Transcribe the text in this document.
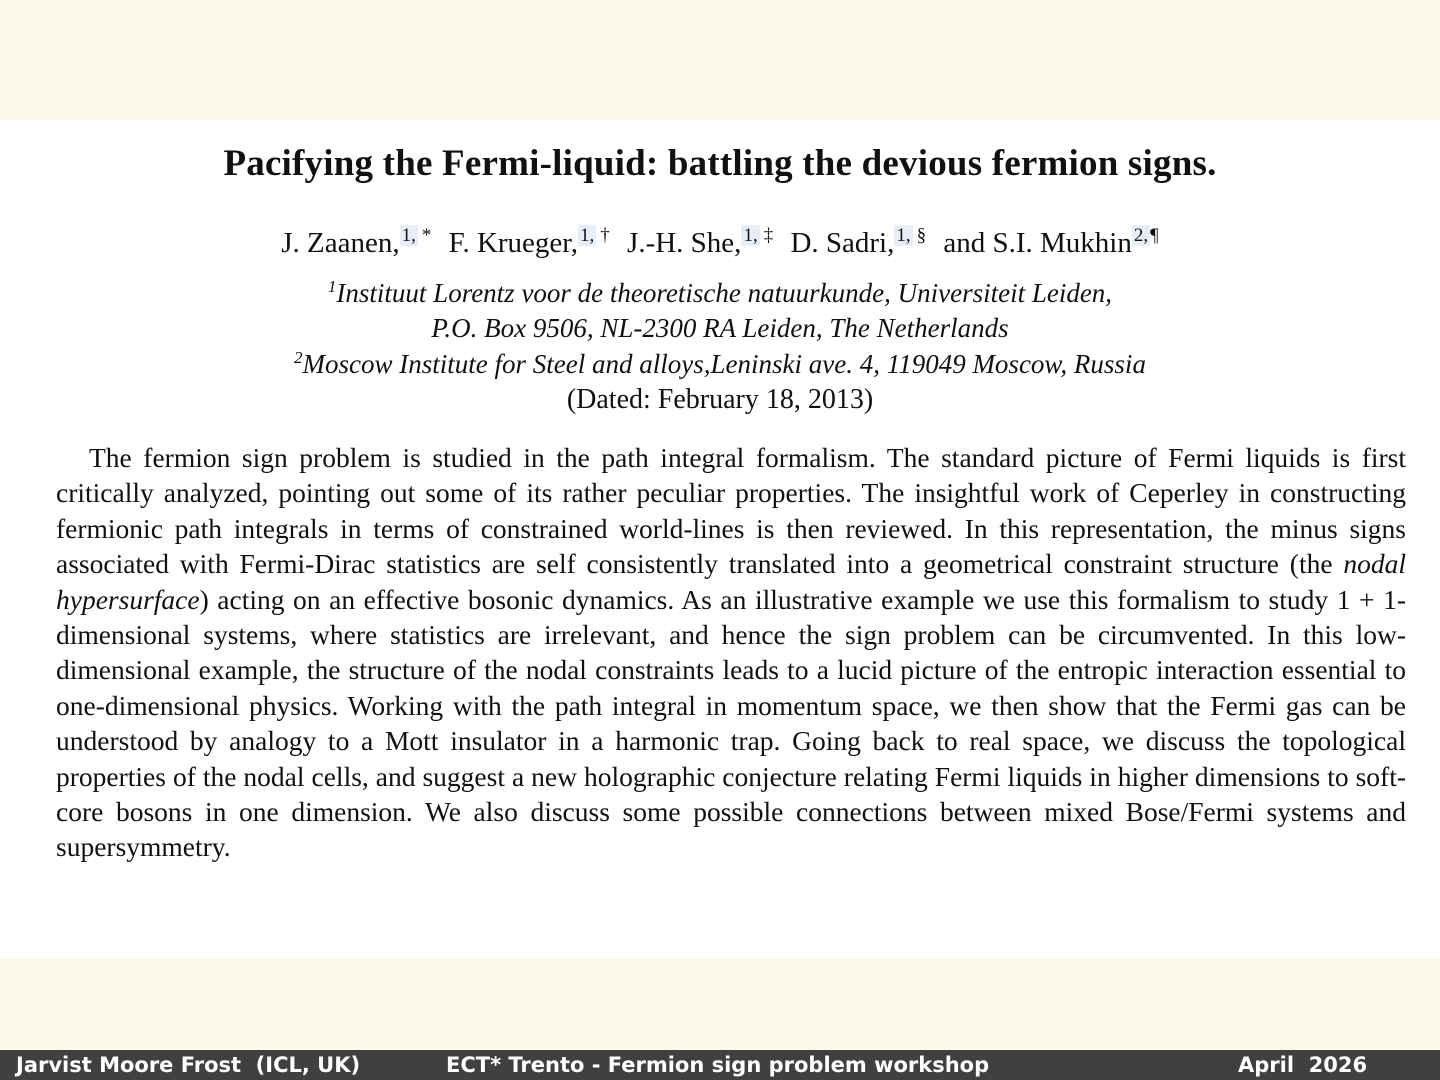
Pacifying the Fermi-liquid: battling the devious fermion signs.
J. Zaanen, $^{1,}$ * F. Krueger, $^{1,}$ † J.-H. She, $^{1,}$ ‡ D. Sadri, $^{1,}$ § and S.I. Mukhin $^{2,}$ ¶
$^1$Instituut Lorentz voor de theoretische natuurkunde, Universiteit Leiden,
P.O. Box 9506, NL-2300 RA Leiden, The Netherlands
$^2$Moscow Institute for Steel and alloys,Leninski ave. 4, 119049 Moscow, Russia
(Dated: February 18, 2013)

The fermion sign problem is studied in the path integral formalism. The standard picture of Fermi liquids is first critically analyzed, pointing out some of its rather peculiar properties. The insightful work of Ceperley in constructing fermionic path integrals in terms of constrained world-lines is then reviewed. In this representation, the minus signs associated with Fermi-Dirac statistics are self consistently translated into a geometrical constraint structure (the nodal hypersurface) acting on an effective bosonic dynamics. As an illustrative example we use this formalism to study 1 + 1-dimensional systems, where statistics are irrelevant, and hence the sign problem can be circumvented. In this low-dimensional example, the structure of the nodal constraints leads to a lucid picture of the entropic interaction essential to one-dimensional physics. Working with the path integral in momentum space, we then show that the Fermi gas can be understood by analogy to a Mott insulator in a harmonic trap. Going back to real space, we discuss the topological properties of the nodal cells, and suggest a new holographic conjecture relating Fermi liquids in higher dimensions to soft-core bosons in one dimension. We also discuss some possible connections between mixed Bose/Fermi systems and supersymmetry.

Jarvist Moore Frost  (ICL, UK)	ECT* Trento - Fermion sign problem workshop	April  2026
